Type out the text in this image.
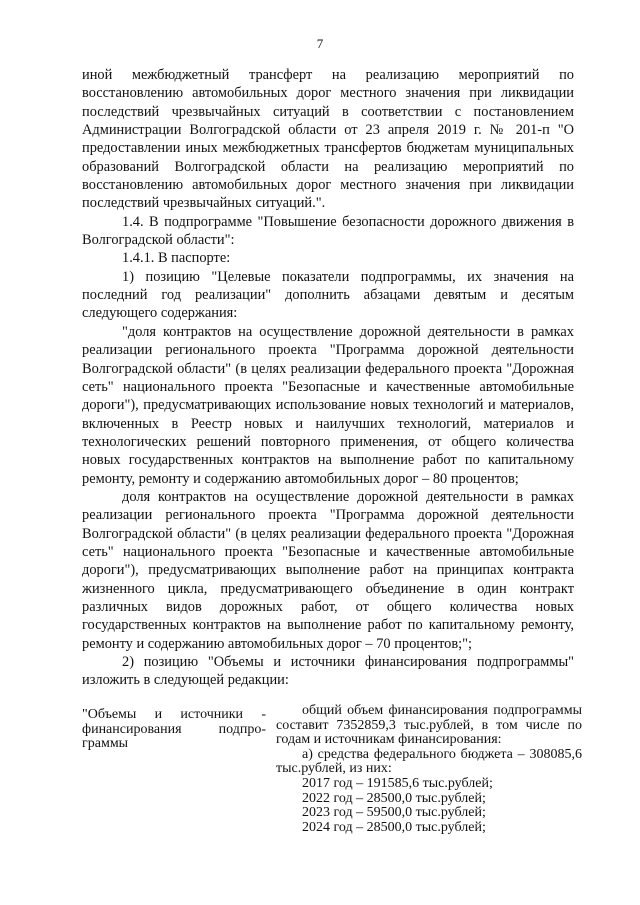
7

иной межбюджетный трансферт на реализацию мероприятий по восстановлению автомобильных дорог местного значения при ликвидации последствий чрезвычайных ситуаций в соответствии с постановлением Администрации Волгоградской области от 23 апреля 2019 г. № 201-п "О предоставлении иных межбюджетных трансфертов бюджетам муниципальных образований Волгоградской области на реализацию мероприятий по восстановлению автомобильных дорог местного значения при ликвидации последствий чрезвычайных ситуаций.".

1.4. В подпрограмме "Повышение безопасности дорожного движения в Волгоградской области":

1.4.1. В паспорте:

1) позицию "Целевые показатели подпрограммы, их значения на последний год реализации" дополнить абзацами девятым и десятым следующего содержания:

"доля контрактов на осуществление дорожной деятельности в рамках реализации регионального проекта "Программа дорожной деятельности Волгоградской области" (в целях реализации федерального проекта "Дорожная сеть" национального проекта "Безопасные и качественные автомобильные дороги"), предусматривающих использование новых технологий и материалов, включенных в Реестр новых и наилучших технологий, материалов и технологических решений повторного применения, от общего количества новых государственных контрактов на выполнение работ по капитальному ремонту, ремонту и содержанию автомобильных дорог – 80 процентов;

доля контрактов на осуществление дорожной деятельности в рамках реализации регионального проекта "Программа дорожной деятельности Волгоградской области" (в целях реализации федерального проекта "Дорожная сеть" национального проекта "Безопасные и качественные автомобильные дороги"), предусматривающих выполнение работ на принципах контракта жизненного цикла, предусматривающего объединение в один контракт различных видов дорожных работ, от общего количества новых государственных контрактов на выполнение работ по капитальному ремонту, ремонту и содержанию автомобильных дорог – 70 процентов;";

2) позицию "Объемы и источники финансирования подпрограммы" изложить в следующей редакции:

"Объемы и источники - финансирования подпро- граммы

общий объем финансирования подпрограммы составит 7352859,3 тыс.рублей, в том числе по годам и источникам финансирования:

а) средства федерального бюджета – 308085,6 тыс.рублей, из них:

2017 год – 191585,6 тыс.рублей;
2022 год – 28500,0 тыс.рублей;
2023 год – 59500,0 тыс.рублей;
2024 год – 28500,0 тыс.рублей;
